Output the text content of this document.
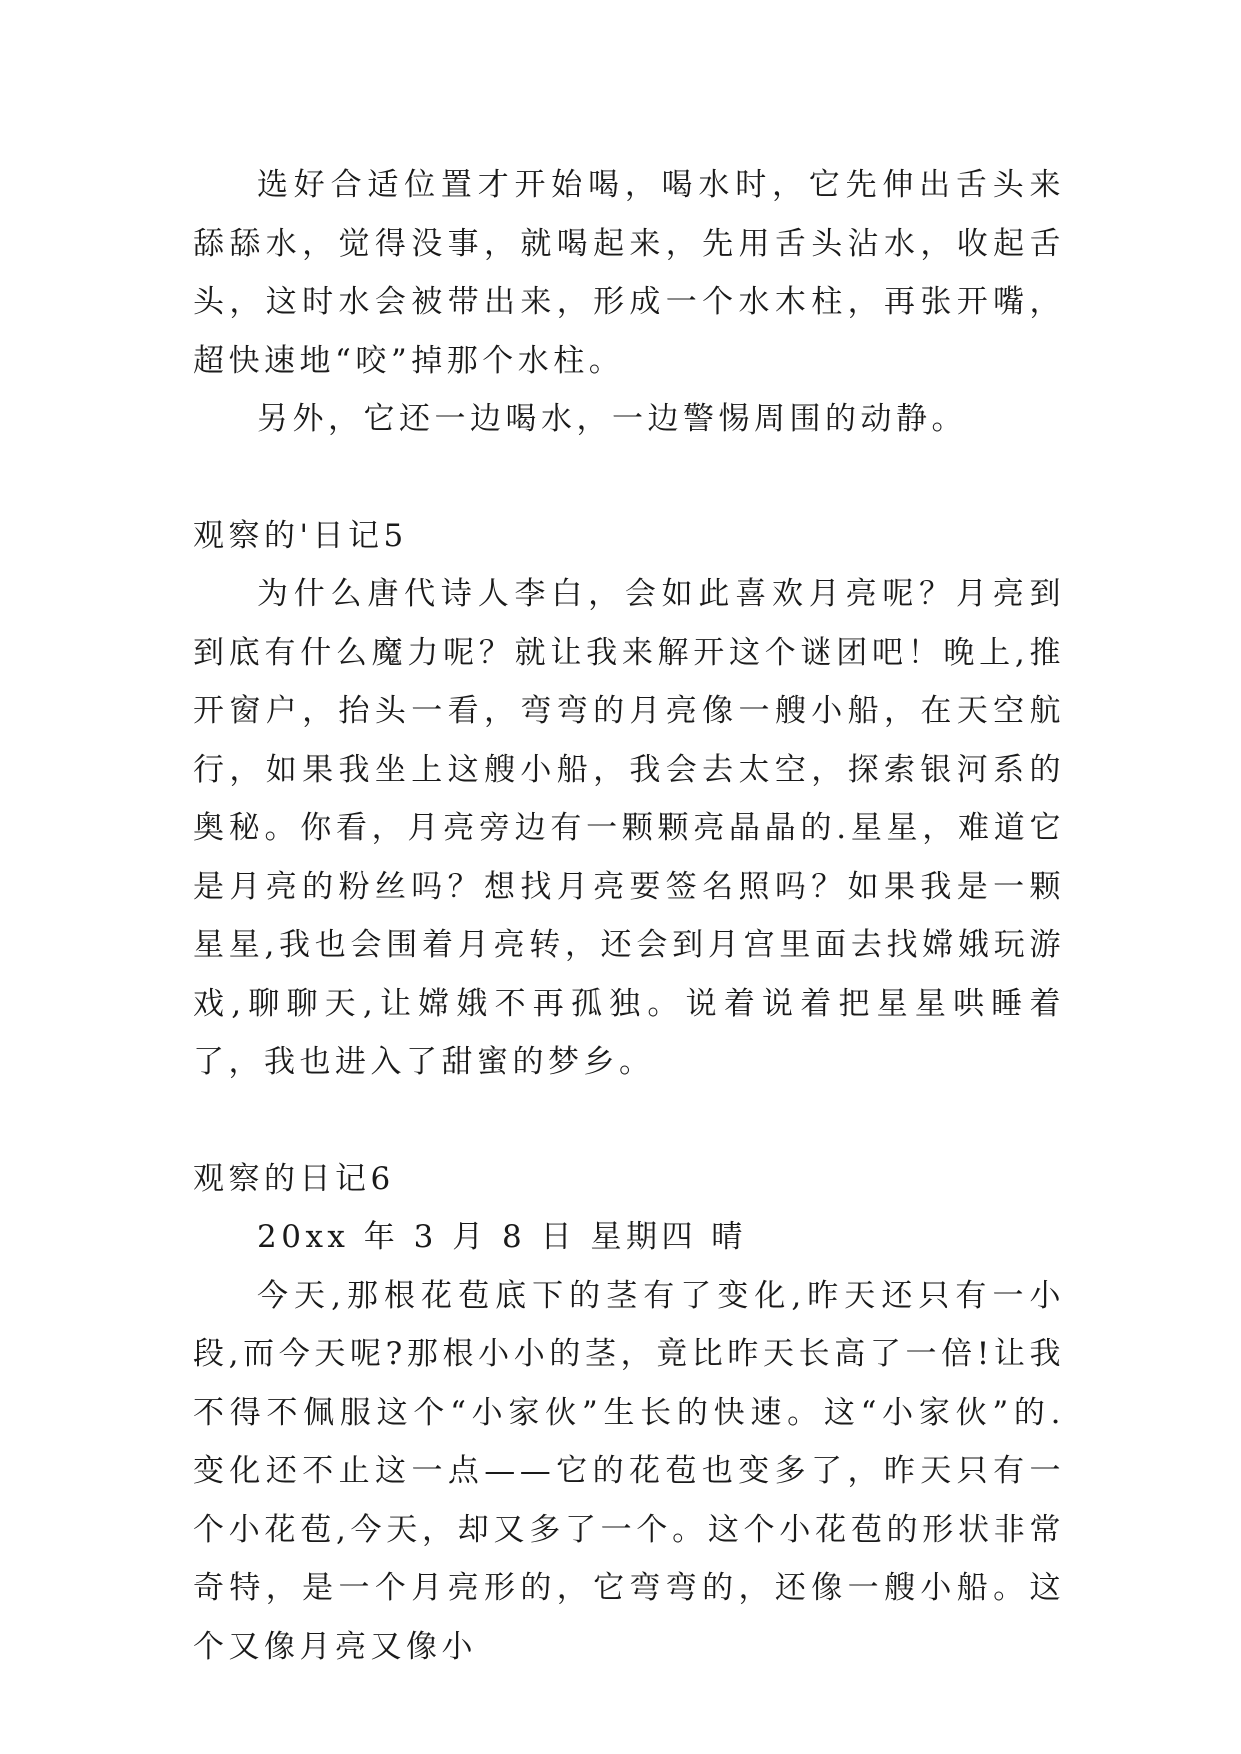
选好合适位置才开始喝，喝水时，它先伸出舌头来舔舔水，觉得没事，就喝起来，先用舌头沾水，收起舌头，这时水会被带出来，形成一个水木柱，再张开嘴，超快速地“咬”掉那个水柱。

另外，它还一边喝水，一边警惕周围的动静。

观察的'日记5

为什么唐代诗人李白，会如此喜欢月亮呢？月亮到到底有什么魔力呢？就让我来解开这个谜团吧！晚上,推开窗户，抬头一看，弯弯的月亮像一艘小船，在天空航行，如果我坐上这艘小船，我会去太空，探索银河系的奥秘。你看，月亮旁边有一颗颗亮晶晶的.星星，难道它是月亮的粉丝吗？想找月亮要签名照吗？如果我是一颗星星,我也会围着月亮转，还会到月宫里面去找嫦娥玩游戏,聊聊天,让嫦娥不再孤独。说着说着把星星哄睡着了，我也进入了甜蜜的梦乡。

观察的日记6

20xx 年 3 月 8 日 星期四 晴

今天,那根花苞底下的茎有了变化,昨天还只有一小段,而今天呢?那根小小的茎，竟比昨天长高了一倍!让我不得不佩服这个“小家伙”生长的快速。这“小家伙”的.变化还不止这一点——它的花苞也变多了，昨天只有一个小花苞,今天，却又多了一个。这个小花苞的形状非常奇特，是一个月亮形的，它弯弯的，还像一艘小船。这个又像月亮又像小
